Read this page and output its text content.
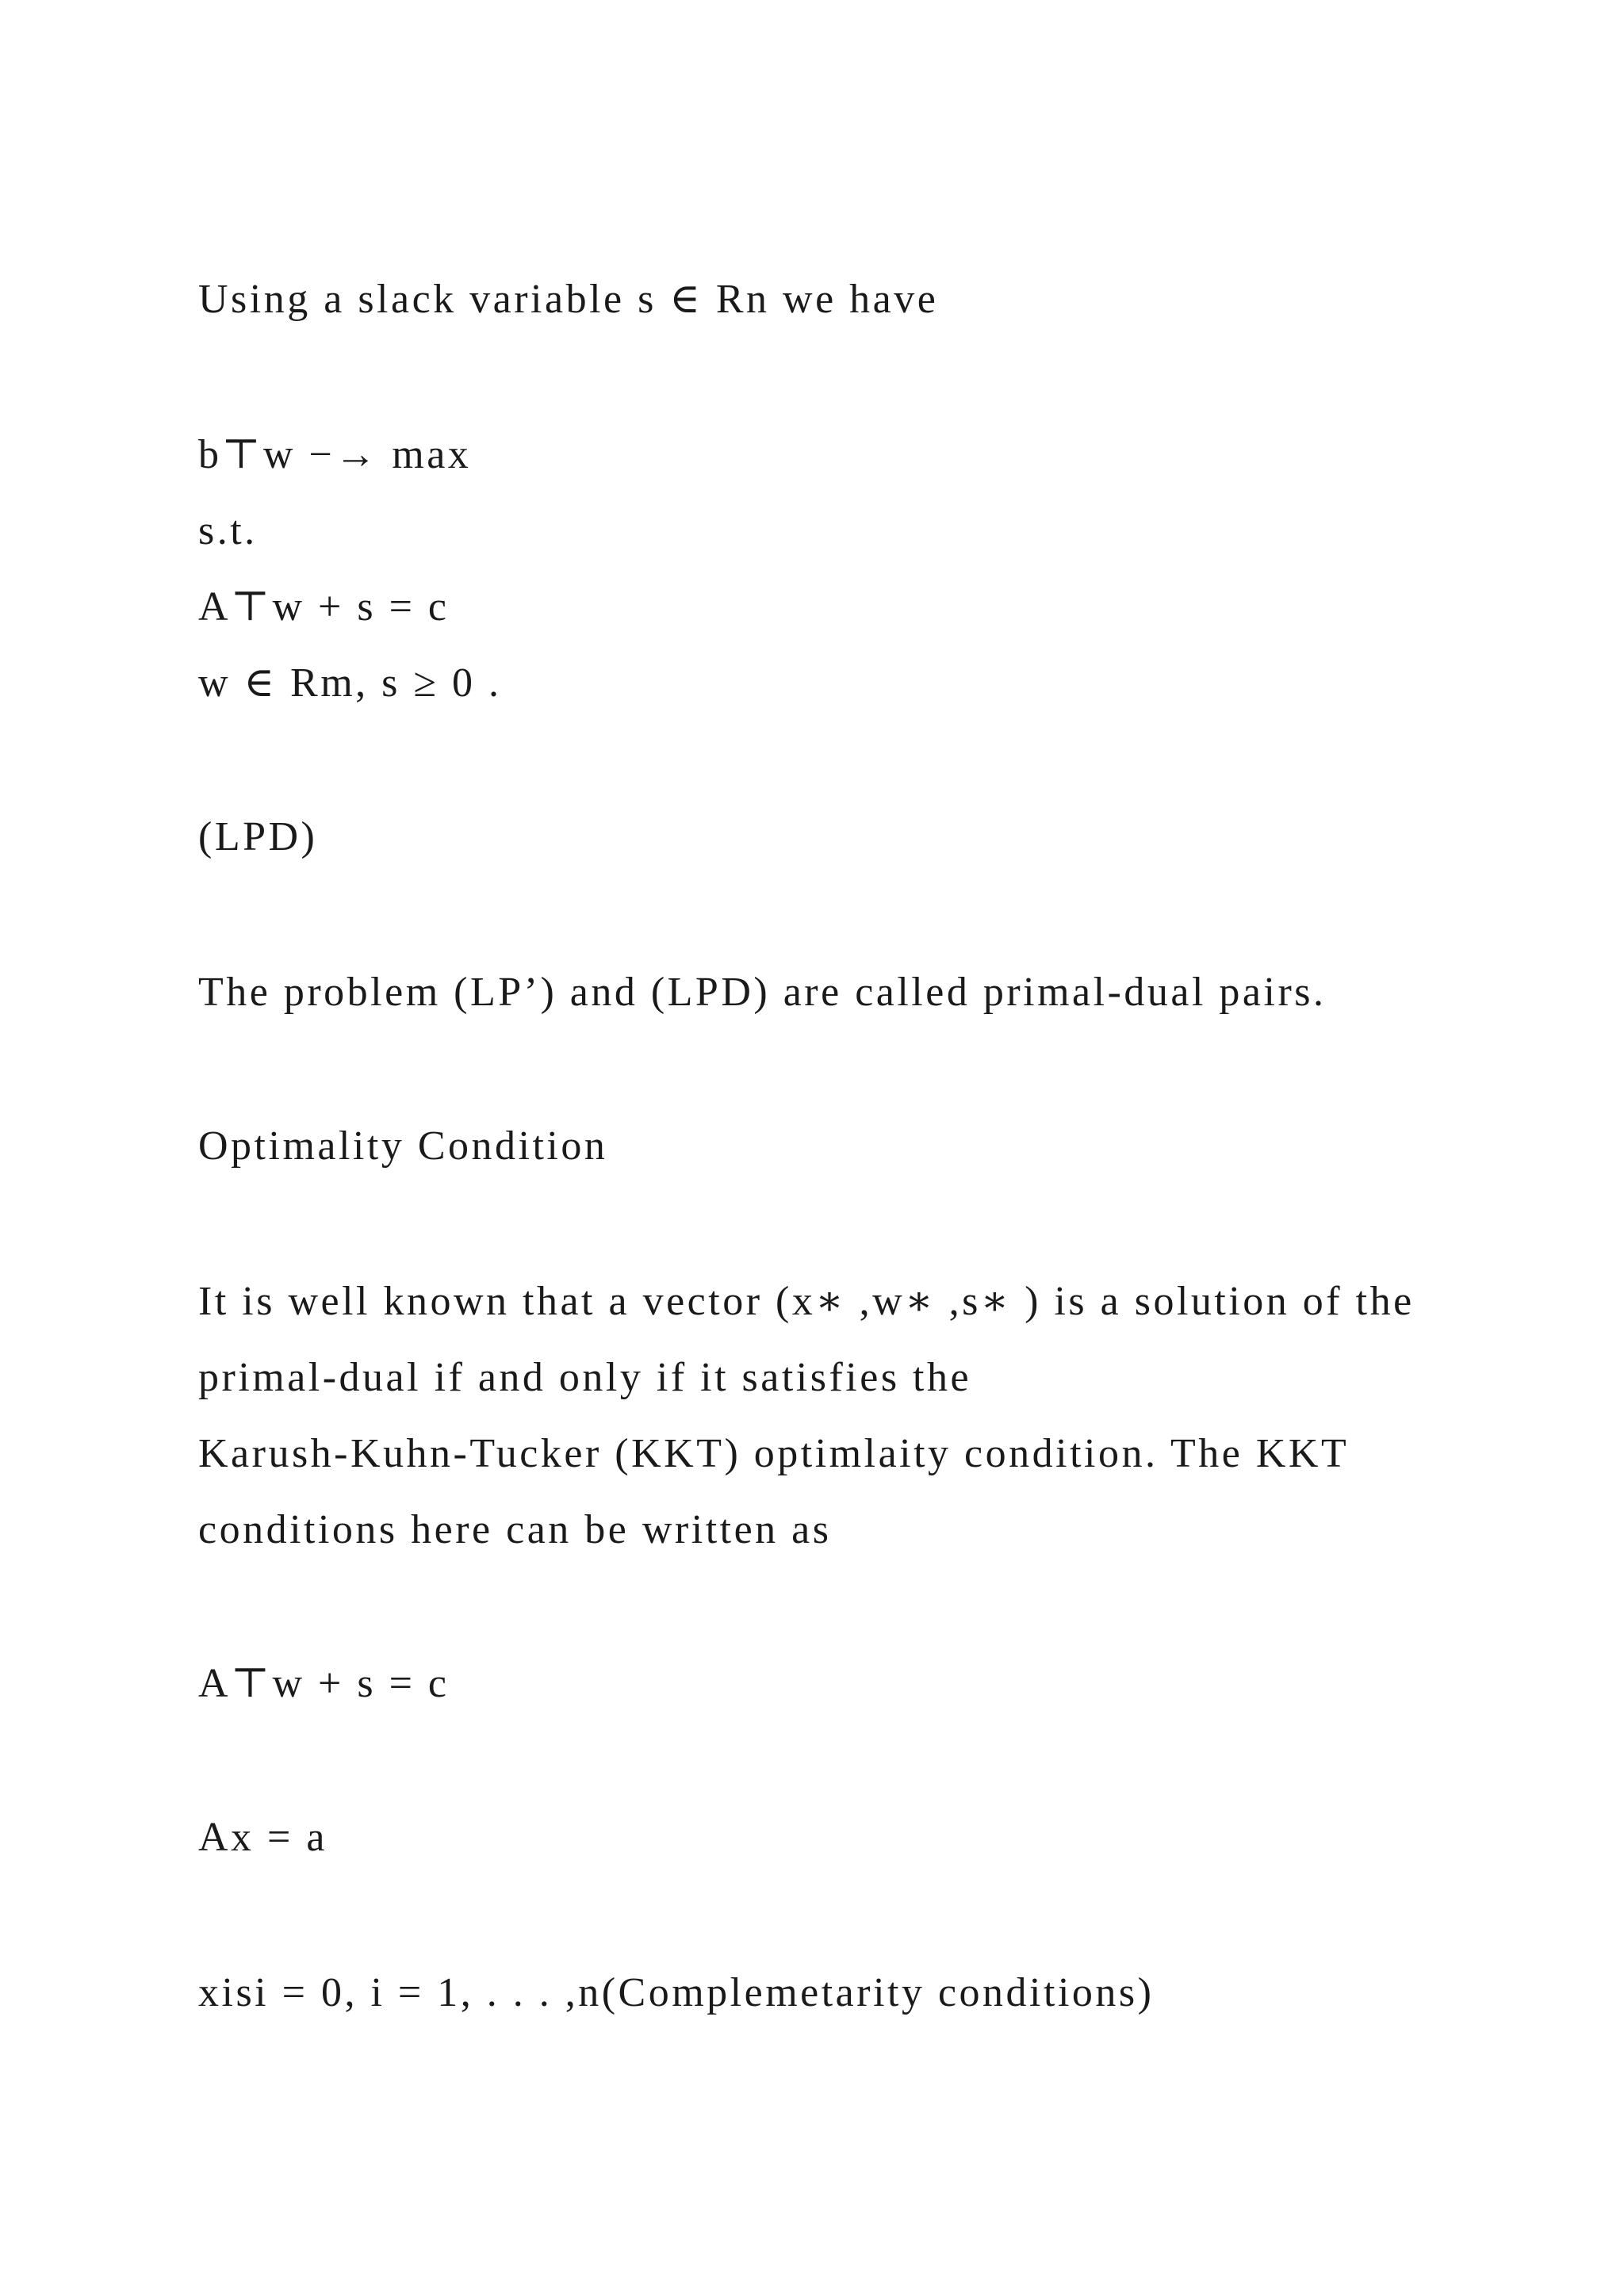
Using a slack variable s ∈ Rn we have

b⊤w −→ max

s.t.

A⊤w + s = c

w ∈ Rm, s ≥ 0 .

(LPD)

The problem (LP’) and (LPD) are called primal-dual pairs.

Optimality Condition

It is well known that a vector (x∗ ,w∗ ,s∗ ) is a solution of the

primal-dual if and only if it satisfies the

Karush-Kuhn-Tucker (KKT) optimlaity condition. The KKT

conditions here can be written as

A⊤w + s = c

Ax = a

xisi = 0, i = 1, . . . ,n(Complemetarity conditions)
